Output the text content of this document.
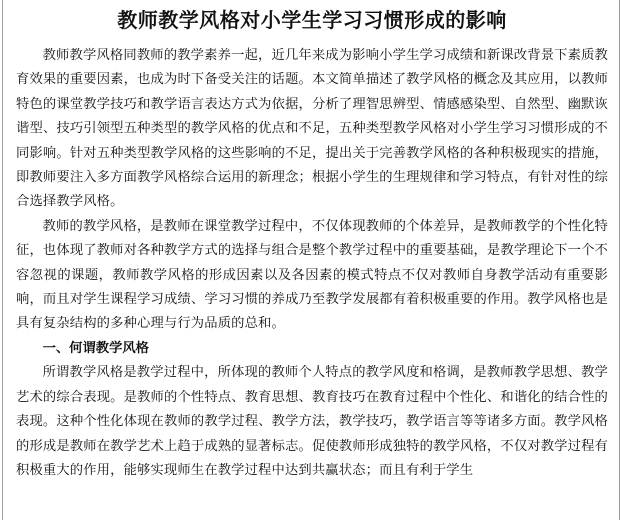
教师教学风格对小学生学习习惯形成的影响

教师教学风格同教师的教学素养一起，近几年来成为影响小学生学习成绩和新课改背景下素质教育效果的重要因素，也成为时下备受关注的话题。本文简单描述了教学风格的概念及其应用，以教师特色的课堂教学技巧和教学语言表达方式为依据，分析了理智思辨型、情感感染型、自然型、幽默诙谐型、技巧引领型五种类型的教学风格的优点和不足，五种类型教学风格对小学生学习习惯形成的不同影响。针对五种类型教学风格的这些影响的不足，提出关于完善教学风格的各种积极现实的措施，即教师要注入多方面教学风格综合运用的新理念；根据小学生的生理规律和学习特点，有针对性的综合选择教学风格。

教师的教学风格，是教师在课堂教学过程中，不仅体现教师的个体差异，是教师教学的个性化特征，也体现了教师对各种教学方式的选择与组合是整个教学过程中的重要基础，是教学理论下一个不容忽视的课题，教师教学风格的形成因素以及各因素的模式特点不仅对教师自身教学活动有重要影响，而且对学生课程学习成绩、学习习惯的养成乃至教学发展都有着积极重要的作用。教学风格也是具有复杂结构的多种心理与行为品质的总和。

一、何谓教学风格

所谓教学风格是教学过程中，所体现的教师个人特点的教学风度和格调，是教师教学思想、教学艺术的综合表现。是教师的个性特点、教育思想、教育技巧在教育过程中个性化、和谐化的结合性的表现。这种个性化体现在教师的教学过程、教学方法，教学技巧，教学语言等等诸多方面。教学风格的形成是教师在教学艺术上趋于成熟的显著标志。促使教师形成独特的教学风格，不仅对教学过程有积极重大的作用，能够实现师生在教学过程中达到共赢状态；而且有利于学生
